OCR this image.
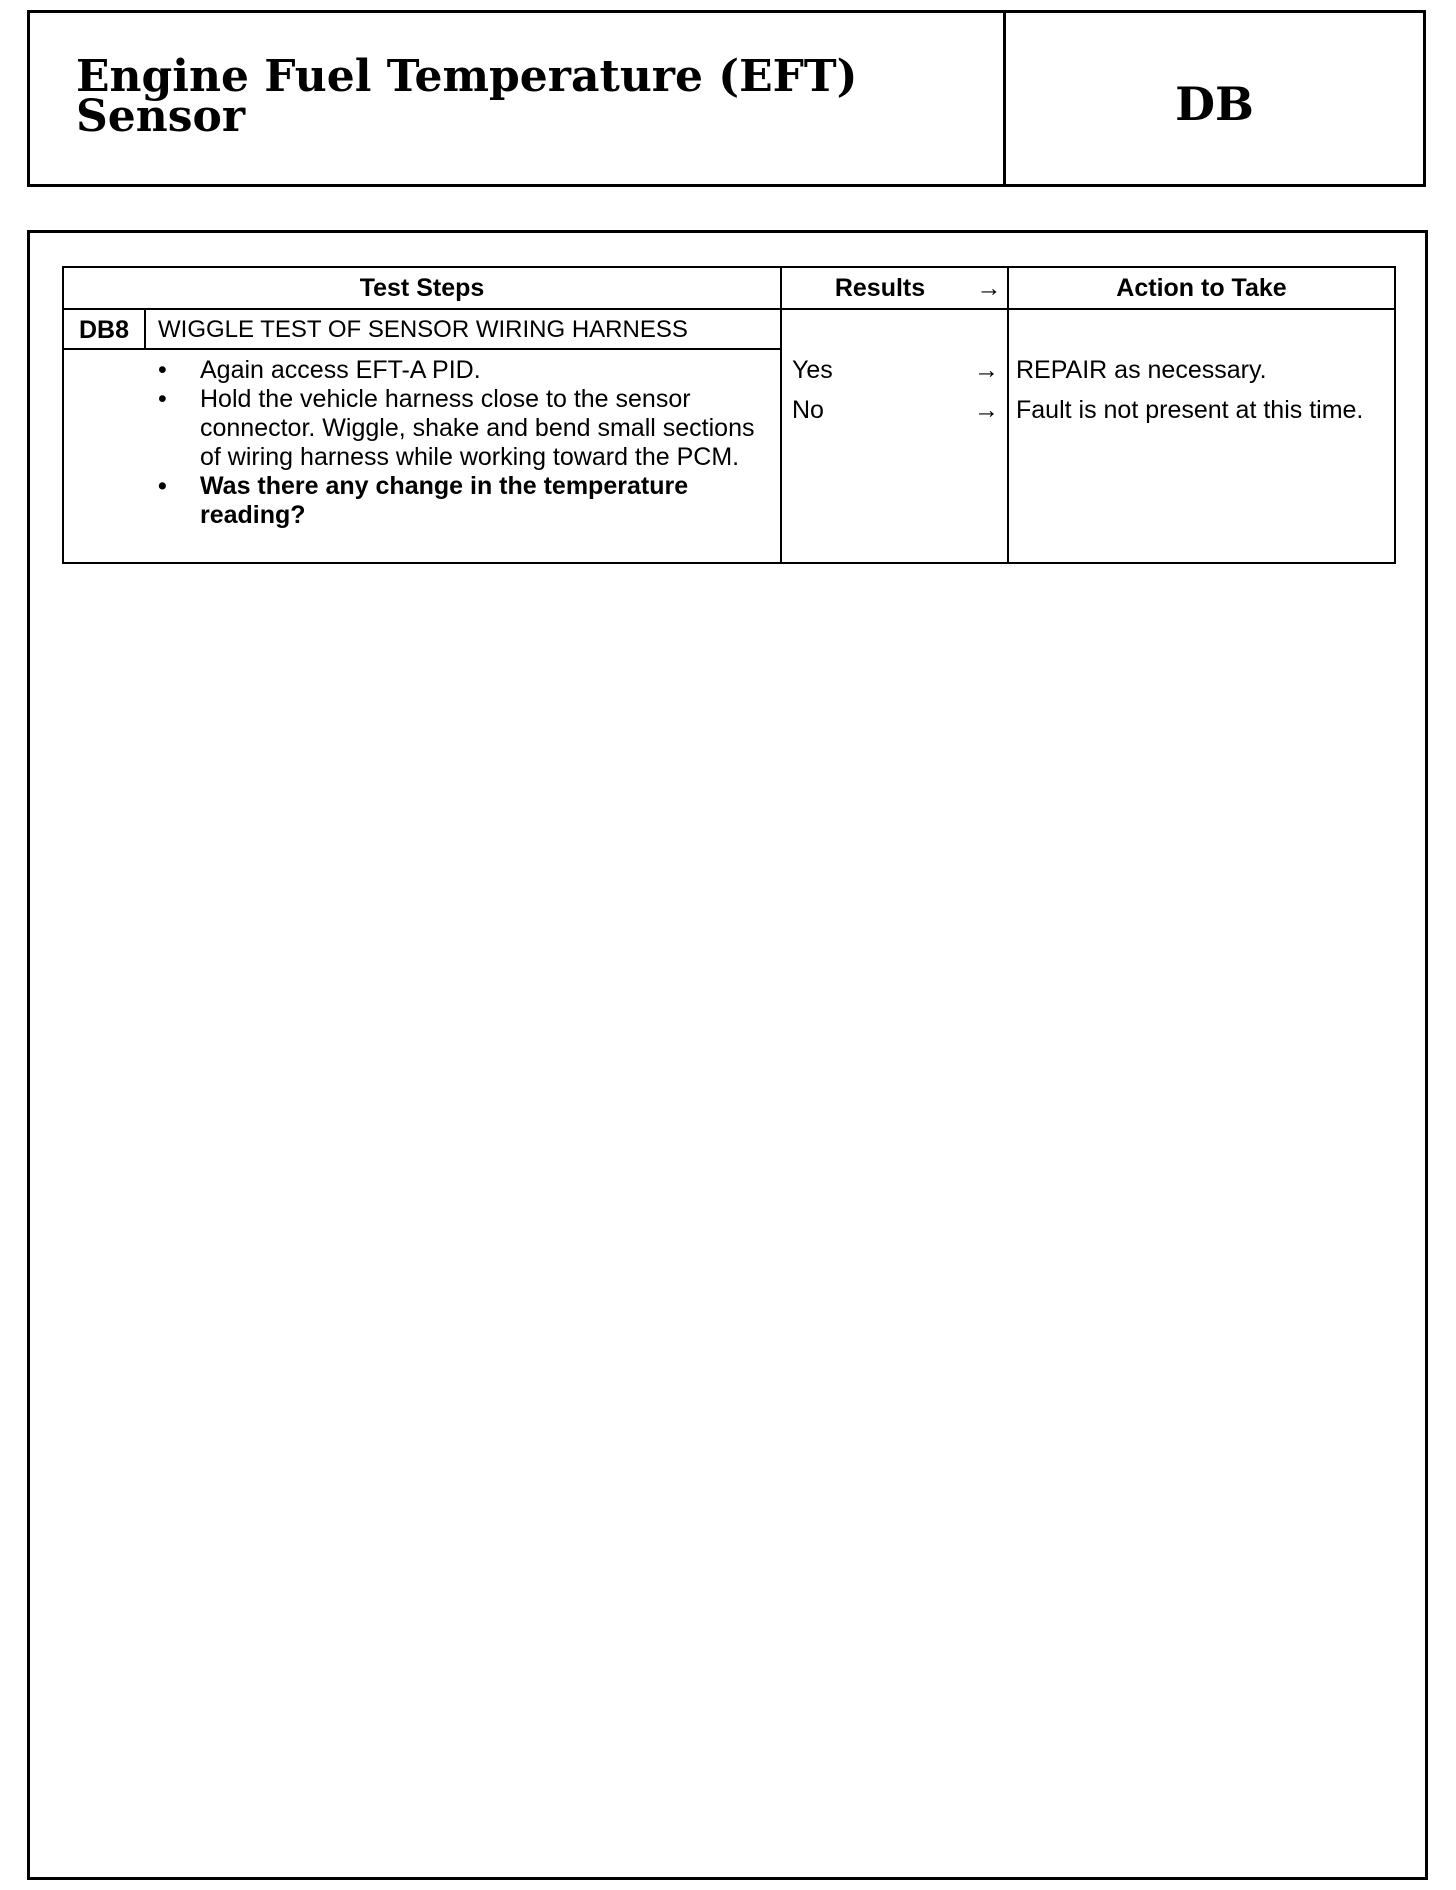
Engine Fuel Temperature (EFT)
Sensor	DB
Test Steps	Results	→	Action to Take
DB8	WIGGLE TEST OF SENSOR WIRING HARNESS
• Again access EFT-A PID.
• Hold the vehicle harness close to the sensor connector. Wiggle, shake and bend small sections of wiring harness while working toward the PCM.
• Was there any change in the temperature reading?
Yes	→ REPAIR as necessary.
No	→ Fault is not present at this time.
